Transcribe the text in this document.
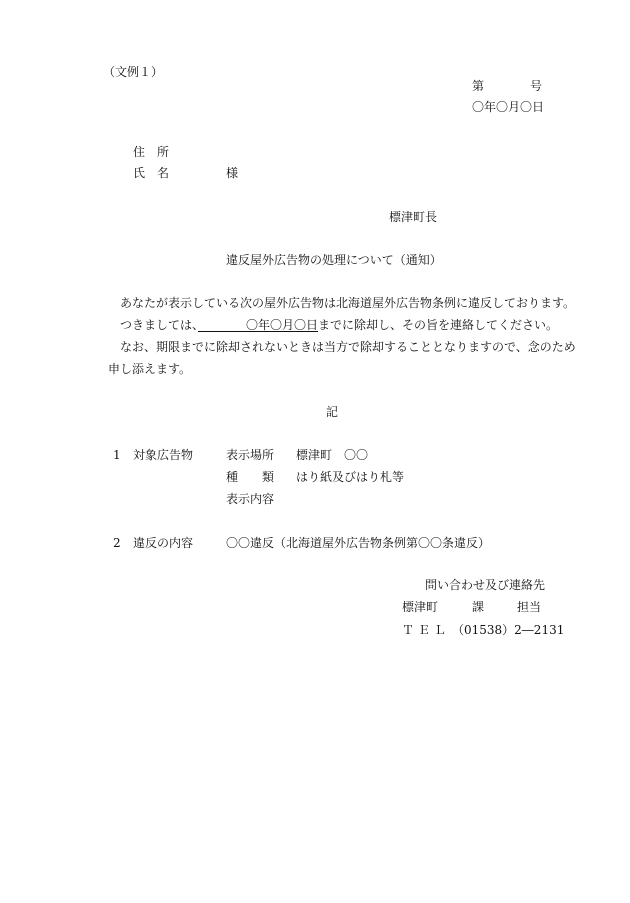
（文例１）
第	号
〇年〇月〇日
住　所
氏　名	様
標津町長
違反屋外広告物の処理について（通知）
あなたが表示している次の屋外広告物は北海道屋外広告物条例に違反しております。
つきましては、　　　　	〇年〇月〇日までに除却し、その旨を連絡してください。
なお、期限までに除却されないときは当方で除却することとなりますので、念のため
申し添えます。
記
1 対象広告物	表示場所 標津町　〇〇
種　　類 はり紙及びはり札等
表示内容
2 違反の内容	〇〇違反（北海道屋外広告物条例第〇〇条違反）
問い合わせ及び連絡先
標津町	課	担当
ＴＥＬ （01538）2―2131
